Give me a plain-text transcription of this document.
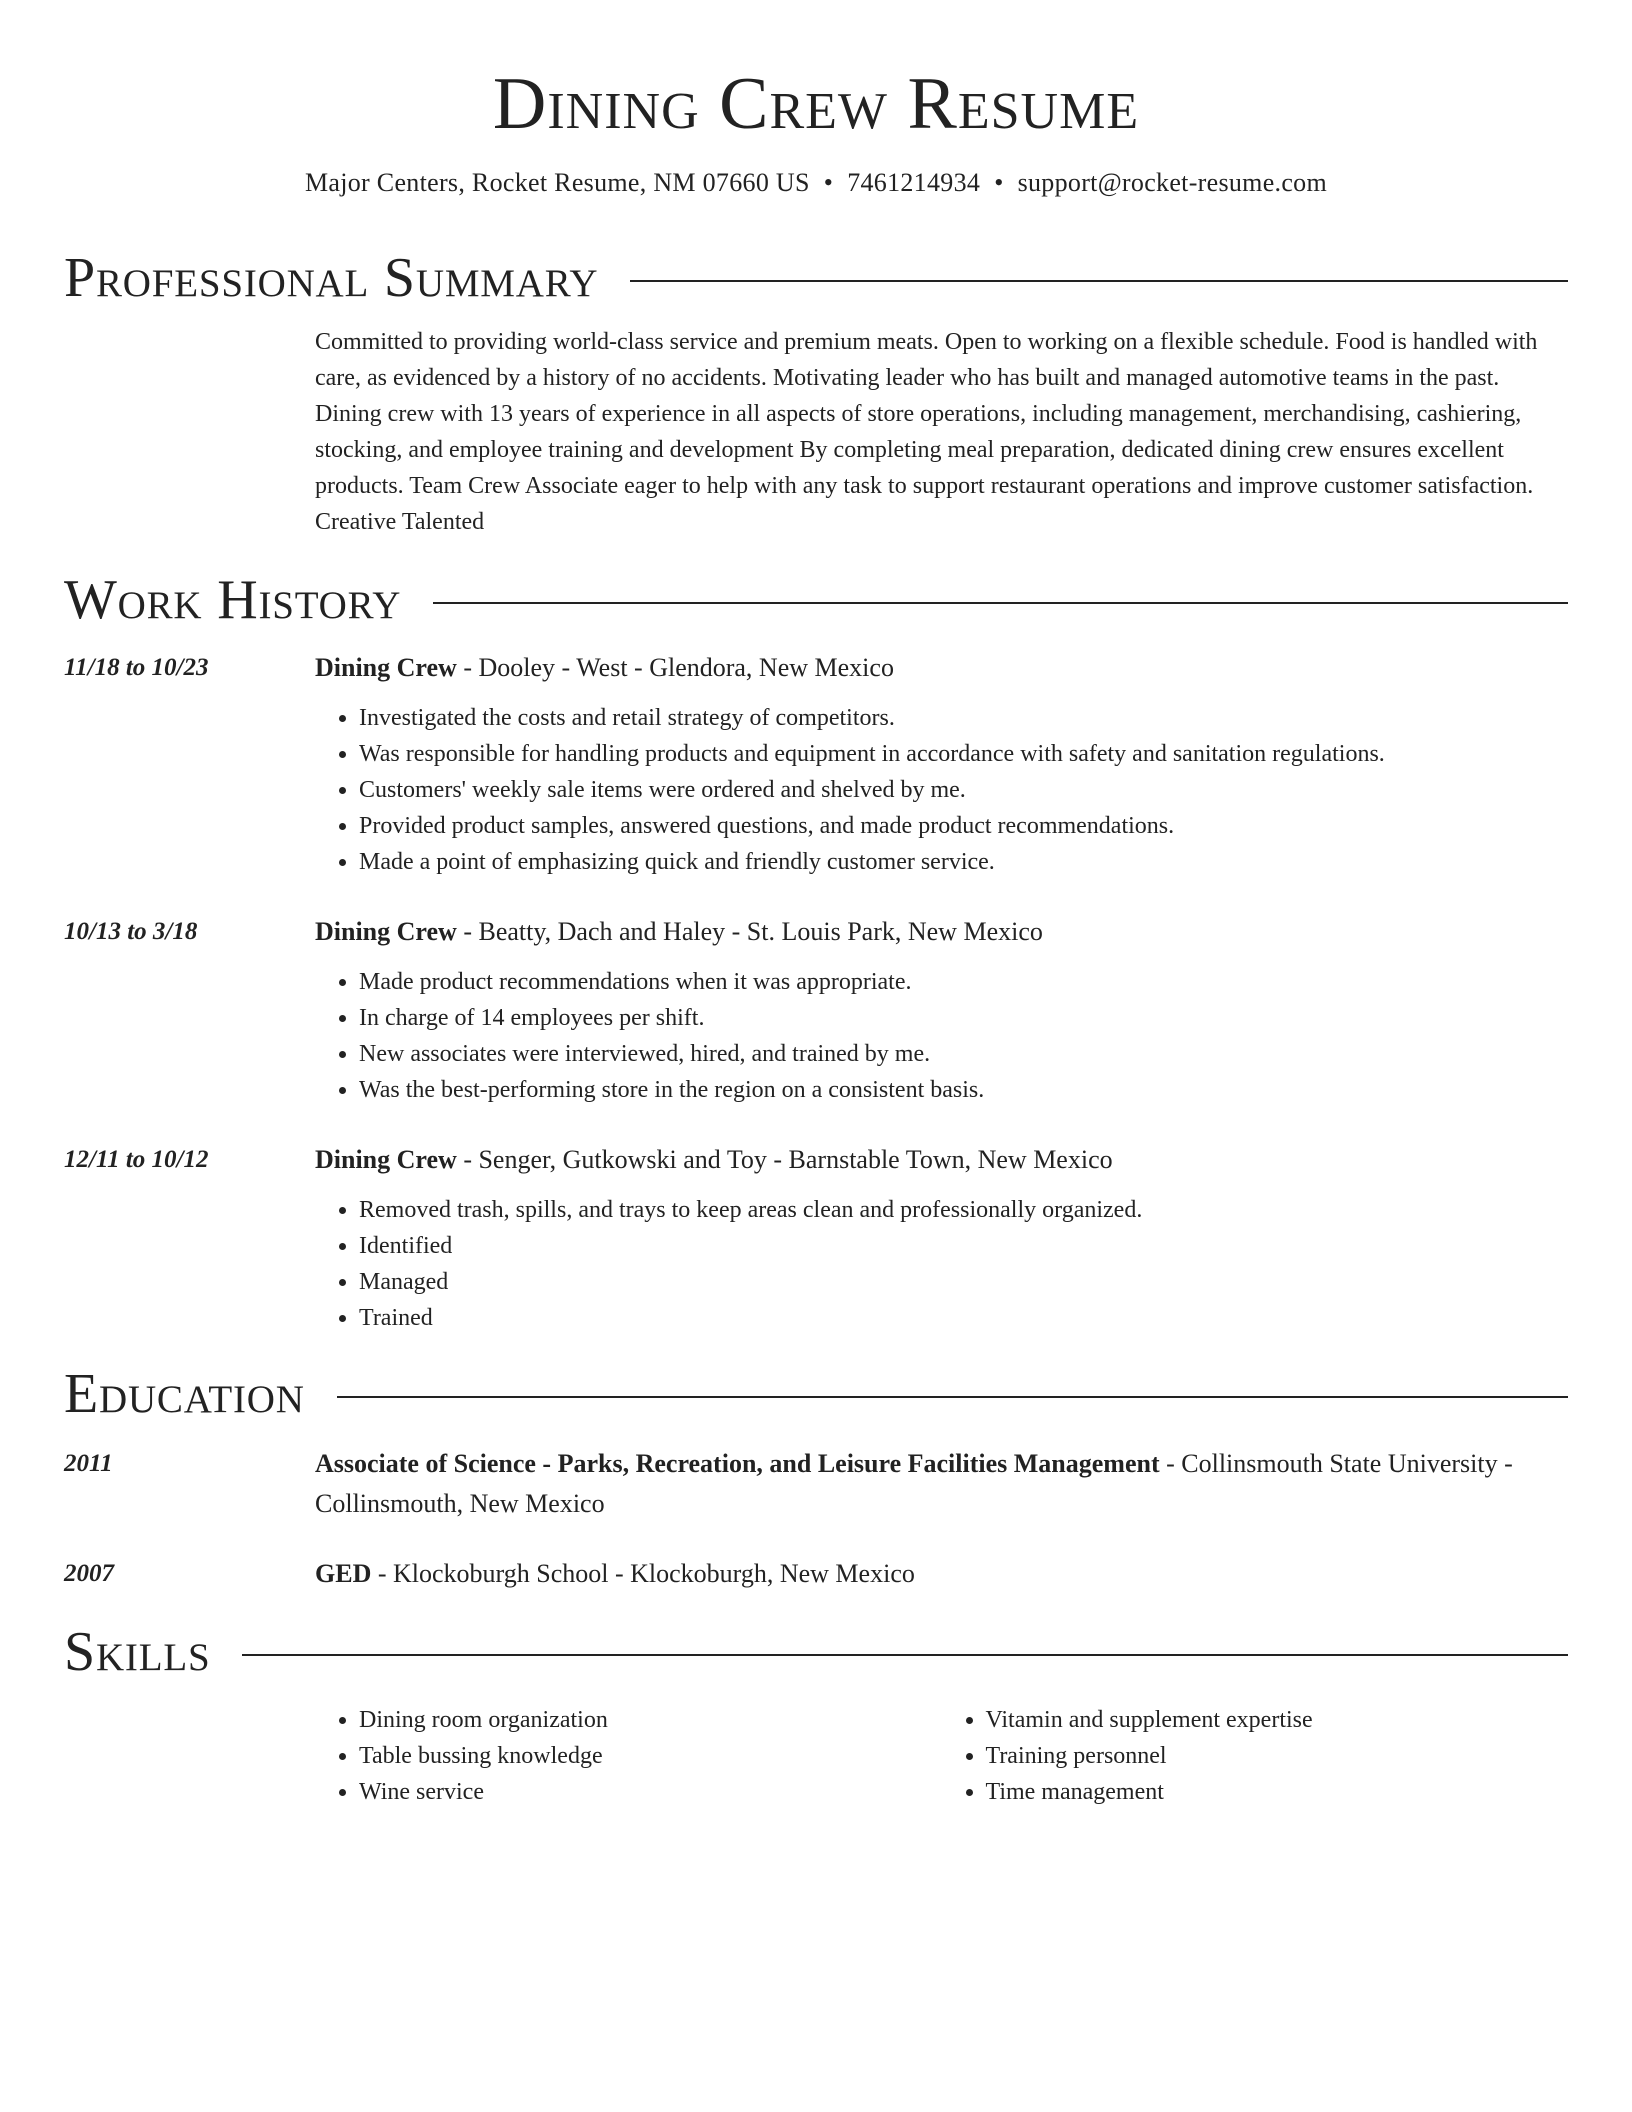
Dining Crew Resume
Major Centers, Rocket Resume, NM 07660 US • 7461214934 • support@rocket-resume.com
Professional Summary
Committed to providing world-class service and premium meats. Open to working on a flexible schedule. Food is handled with care, as evidenced by a history of no accidents. Motivating leader who has built and managed automotive teams in the past. Dining crew with 13 years of experience in all aspects of store operations, including management, merchandising, cashiering, stocking, and employee training and development By completing meal preparation, dedicated dining crew ensures excellent products. Team Crew Associate eager to help with any task to support restaurant operations and improve customer satisfaction. Creative Talented
Work History
11/18 to 10/23	Dining Crew - Dooley - West - Glendora, New Mexico
• Investigated the costs and retail strategy of competitors.
• Was responsible for handling products and equipment in accordance with safety and sanitation regulations.
• Customers' weekly sale items were ordered and shelved by me.
• Provided product samples, answered questions, and made product recommendations.
• Made a point of emphasizing quick and friendly customer service.
10/13 to 3/18	Dining Crew - Beatty, Dach and Haley - St. Louis Park, New Mexico
• Made product recommendations when it was appropriate.
• In charge of 14 employees per shift.
• New associates were interviewed, hired, and trained by me.
• Was the best-performing store in the region on a consistent basis.
12/11 to 10/12	Dining Crew - Senger, Gutkowski and Toy - Barnstable Town, New Mexico
• Removed trash, spills, and trays to keep areas clean and professionally organized.
• Identified
• Managed
• Trained
Education
2011	Associate of Science - Parks, Recreation, and Leisure Facilities Management - Collinsmouth State University - Collinsmouth, New Mexico
2007	GED - Klockoburgh School - Klockoburgh, New Mexico
Skills
• Dining room organization
• Table bussing knowledge
• Wine service
• Vitamin and supplement expertise
• Training personnel
• Time management
